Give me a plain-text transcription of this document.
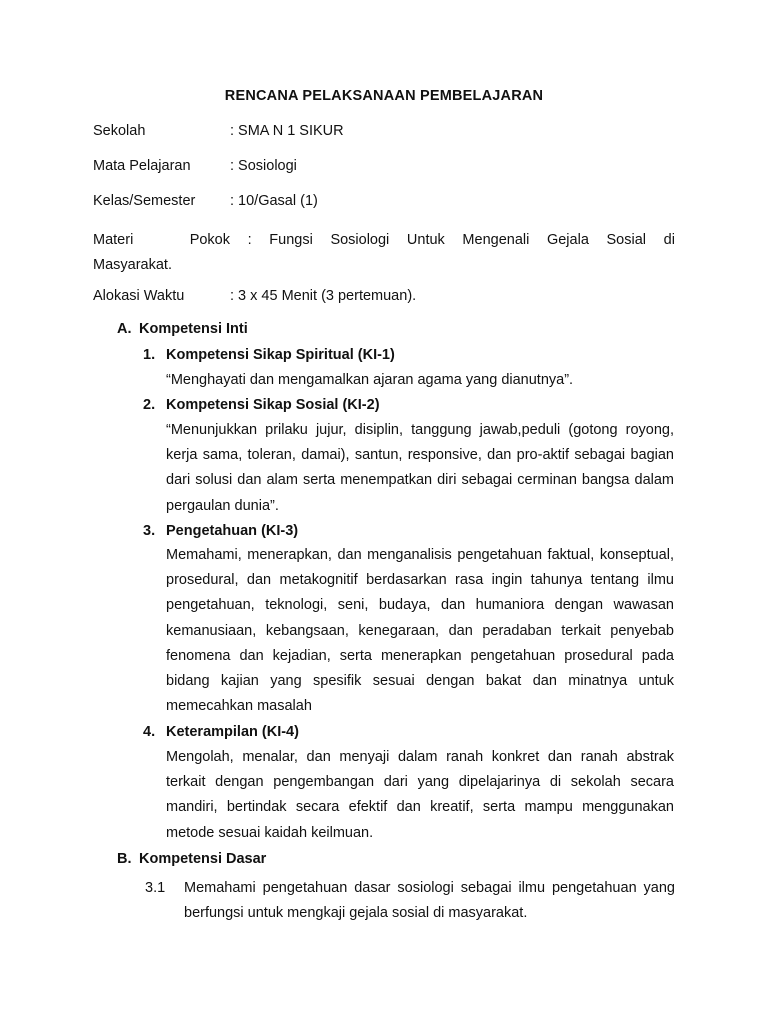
RENCANA PELAKSANAAN PEMBELAJARAN
Sekolah	: SMA N 1 SIKUR
Mata Pelajaran	: Sosiologi
Kelas/Semester : 10/Gasal (1)
Materi Pokok : Fungsi Sosiologi Untuk Mengenali Gejala Sosial di
Masyarakat.
Alokasi Waktu	: 3 x 45 Menit (3 pertemuan).
A. Kompetensi Inti
1. Kompetensi Sikap Spiritual (KI-1)
“Menghayati dan mengamalkan ajaran agama yang dianutnya”.
2. Kompetensi Sikap Sosial (KI-2)
“Menunjukkan prilaku jujur, disiplin, tanggung jawab,peduli (gotong royong, kerja sama, toleran, damai), santun, responsive, dan pro-aktif sebagai bagian dari solusi dan alam serta menempatkan diri sebagai cerminan bangsa dalam pergaulan dunia”.
3. Pengetahuan (KI-3)
Memahami, menerapkan, dan menganalisis pengetahuan faktual, konseptual, prosedural, dan metakognitif berdasarkan rasa ingin tahunya tentang ilmu pengetahuan, teknologi, seni, budaya, dan humaniora dengan wawasan kemanusiaan, kebangsaan, kenegaraan, dan peradaban terkait penyebab fenomena dan kejadian, serta menerapkan pengetahuan prosedural pada bidang kajian yang spesifik sesuai dengan bakat dan minatnya untuk memecahkan masalah
4. Keterampilan (KI-4)
Mengolah, menalar, dan menyaji dalam ranah konkret dan ranah abstrak terkait dengan pengembangan dari yang dipelajarinya di sekolah secara mandiri, bertindak secara efektif dan kreatif, serta mampu menggunakan metode sesuai kaidah keilmuan.
B. Kompetensi Dasar
3.1 Memahami pengetahuan dasar sosiologi sebagai ilmu pengetahuan yang berfungsi untuk mengkaji gejala sosial di masyarakat.
